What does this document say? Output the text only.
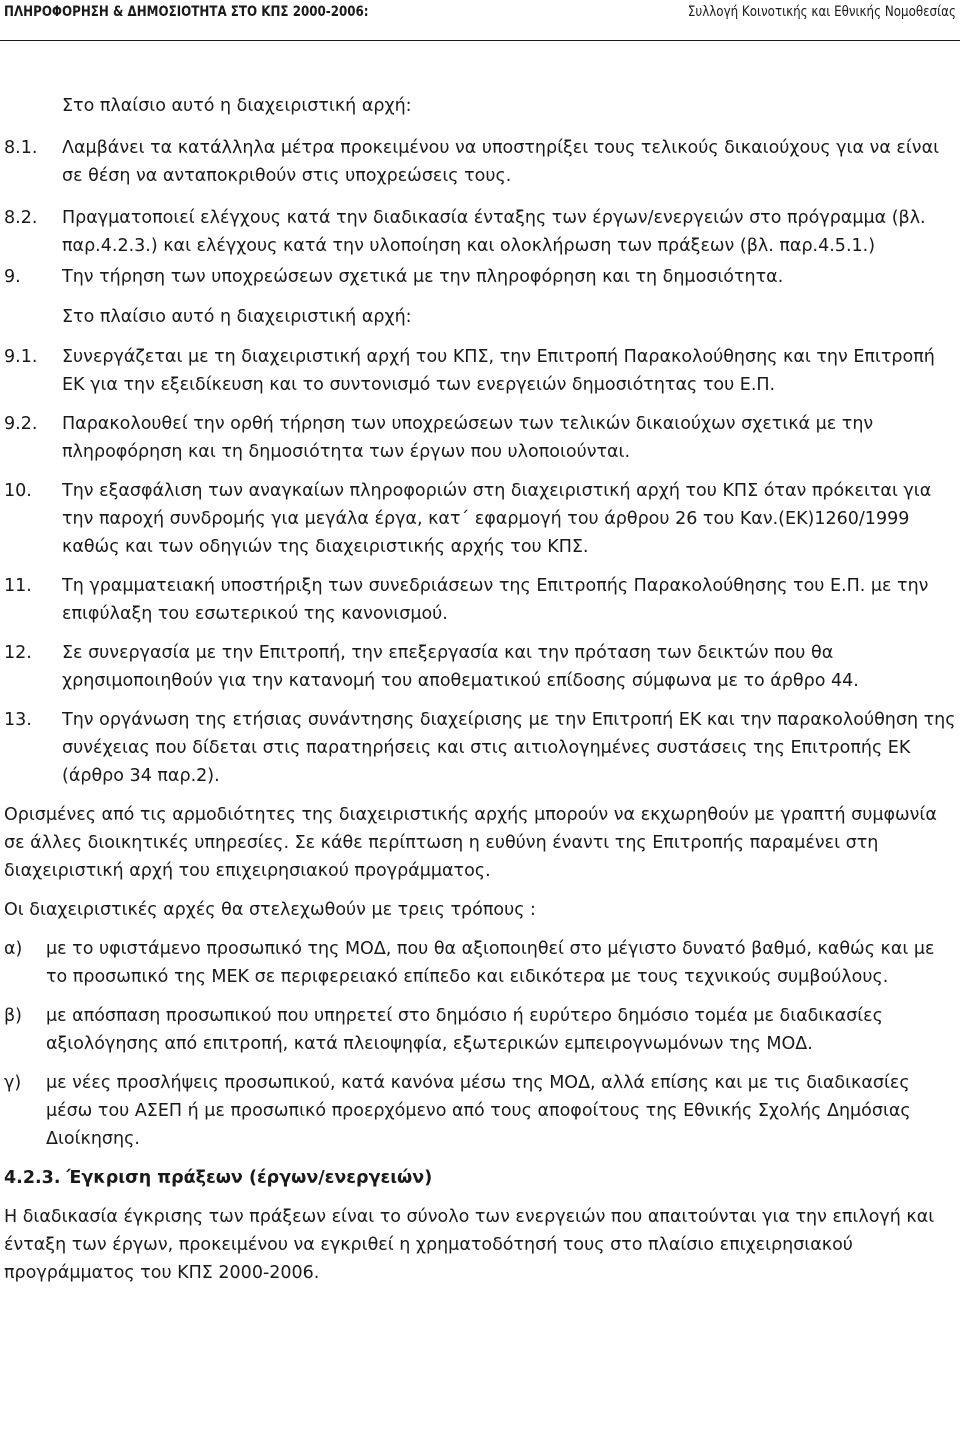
ΠΛΗΡΟΦΟΡΗΣΗ & ΔΗΜΟΣΙΟΤΗΤΑ ΣΤΟ ΚΠΣ 2000-2006:	Συλλογή Κοινοτικής και Εθνικής Νομοθεσίας

Στο πλαίσιο αυτό η διαχειριστική αρχή:

8.1.	Λαμβάνει τα κατάλληλα μέτρα προκειμένου να υποστηρίξει τους τελικούς δικαιούχους για να είναι σε θέση να ανταποκριθούν στις υποχρεώσεις τους.
8.2.	Πραγματοποιεί ελέγχους κατά την διαδικασία ένταξης των έργων/ενεργειών στο πρόγραμμα (βλ. παρ.4.2.3.) και ελέγχους κατά την υλοποίηση και ολοκλήρωση των πράξεων (βλ. παρ.4.5.1.)
9.	Την τήρηση των υποχρεώσεων σχετικά με την πληροφόρηση και τη δημοσιότητα.

Στο πλαίσιο αυτό η διαχειριστική αρχή:

9.1.	Συνεργάζεται με τη διαχειριστική αρχή του ΚΠΣ, την Επιτροπή Παρακολούθησης και την Επιτροπή ΕΚ για την εξειδίκευση και το συντονισμό των ενεργειών δημοσιότητας του Ε.Π.
9.2.	Παρακολουθεί την ορθή τήρηση των υποχρεώσεων των τελικών δικαιούχων σχετικά με την πληροφόρηση και τη δημοσιότητα των έργων που υλοποιούνται.
10.	Την εξασφάλιση των αναγκαίων πληροφοριών στη διαχειριστική αρχή του ΚΠΣ όταν πρόκειται για την παροχή συνδρομής για μεγάλα έργα, κατ΄ εφαρμογή του άρθρου 26 του Καν.(ΕΚ)1260/1999 καθώς και των οδηγιών της διαχειριστικής αρχής του ΚΠΣ.
11.	Τη γραμματειακή υποστήριξη των συνεδριάσεων της Επιτροπής Παρακολούθησης του Ε.Π. με την επιφύλαξη του εσωτερικού της κανονισμού.
12.	Σε συνεργασία με την Επιτροπή, την επεξεργασία και την πρόταση των δεικτών που θα χρησιμοποιηθούν για την κατανομή του αποθεματικού επίδοσης σύμφωνα με το άρθρο 44.
13.	Την οργάνωση της ετήσιας συνάντησης διαχείρισης με την Επιτροπή ΕΚ και την παρακολούθηση της συνέχειας που δίδεται στις παρατηρήσεις και στις αιτιολογημένες συστάσεις της Επιτροπής ΕΚ (άρθρο 34 παρ.2).

Ορισμένες από τις αρμοδιότητες της διαχειριστικής αρχής μπορούν να εκχωρηθούν με γραπτή συμφωνία σε άλλες διοικητικές υπηρεσίες. Σε κάθε περίπτωση η ευθύνη έναντι της Επιτροπής παραμένει στη διαχειριστική αρχή του επιχειρησιακού προγράμματος.

Οι διαχειριστικές αρχές θα στελεχωθούν με τρεις τρόπους :

α)	με το υφιστάμενο προσωπικό της ΜΟΔ, που θα αξιοποιηθεί στο μέγιστο δυνατό βαθμό, καθώς και με το προσωπικό της ΜΕΚ σε περιφερειακό επίπεδο και ειδικότερα με τους τεχνικούς συμβούλους.
β)	με απόσπαση προσωπικού που υπηρετεί στο δημόσιο ή ευρύτερο δημόσιο τομέα με διαδικασίες αξιολόγησης από επιτροπή, κατά πλειοψηφία, εξωτερικών εμπειρογνωμόνων της ΜΟΔ.
γ)	με νέες προσλήψεις προσωπικού, κατά κανόνα μέσω της ΜΟΔ, αλλά επίσης και με τις διαδικασίες μέσω του ΑΣΕΠ ή με προσωπικό προερχόμενο από τους αποφοίτους της Εθνικής Σχολής Δημόσιας Διοίκησης.

4.2.3. Έγκριση πράξεων (έργων/ενεργειών)

Η διαδικασία έγκρισης των πράξεων είναι το σύνολο των ενεργειών που απαιτούνται για την επιλογή και ένταξη των έργων, προκειμένου να εγκριθεί η χρηματοδότησή τους στο πλαίσιο επιχειρησιακού προγράμματος του ΚΠΣ 2000-2006.
